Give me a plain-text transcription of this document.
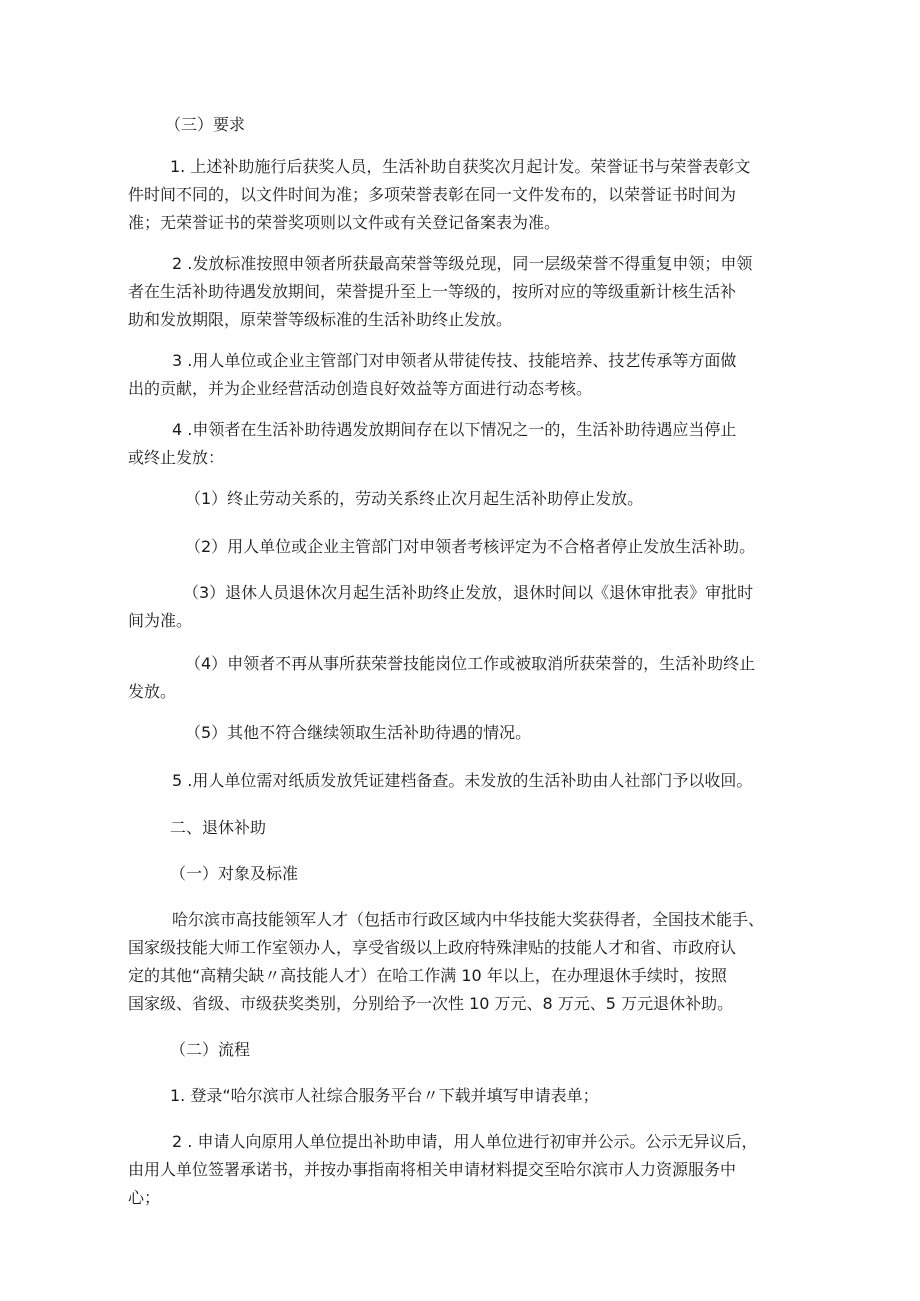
（三）要求

1. 上述补助施行后获奖人员，生活补助自获奖次月起计发。荣誉证书与荣誉表彰文

件时间不同的，以文件时间为准；多项荣誉表彰在同一文件发布的，以荣誉证书时间为

准；无荣誉证书的荣誉奖项则以文件或有关登记备案表为准。

2 .发放标准按照申领者所获最高荣誉等级兑现，同一层级荣誉不得重复申领；申领

者在生活补助待遇发放期间，荣誉提升至上一等级的，按所对应的等级重新计核生活补

助和发放期限，原荣誉等级标准的生活补助终止发放。

3 .用人单位或企业主管部门对申领者从带徒传技、技能培养、技艺传承等方面做

出的贡献，并为企业经营活动创造良好效益等方面进行动态考核。

4 .申领者在生活补助待遇发放期间存在以下情况之一的，生活补助待遇应当停止

或终止发放：

（1）终止劳动关系的，劳动关系终止次月起生活补助停止发放。

（2）用人单位或企业主管部门对申领者考核评定为不合格者停止发放生活补助。

（3）退休人员退休次月起生活补助终止发放，退休时间以《退休审批表》审批时

间为准。

（4）申领者不再从事所获荣誉技能岗位工作或被取消所获荣誉的，生活补助终止

发放。

（5）其他不符合继续领取生活补助待遇的情况。

5 .用人单位需对纸质发放凭证建档备查。未发放的生活补助由人社部门予以收回。

二、退休补助

（一）对象及标准

哈尔滨市高技能领军人才（包括市行政区域内中华技能大奖获得者，全国技术能手、

国家级技能大师工作室领办人，享受省级以上政府特殊津贴的技能人才和省、市政府认

定的其他“高精尖缺〃高技能人才）在哈工作满 10 年以上，在办理退休手续时，按照

国家级、省级、市级获奖类别，分别给予一次性 10 万元、8 万元、5 万元退休补助。

（二）流程

1. 登录“哈尔滨市人社综合服务平台〃下载并填写申请表单；

2 . 申请人向原用人单位提出补助申请，用人单位进行初审并公示。公示无异议后，

由用人单位签署承诺书，并按办事指南将相关申请材料提交至哈尔滨市人力资源服务中

心；
